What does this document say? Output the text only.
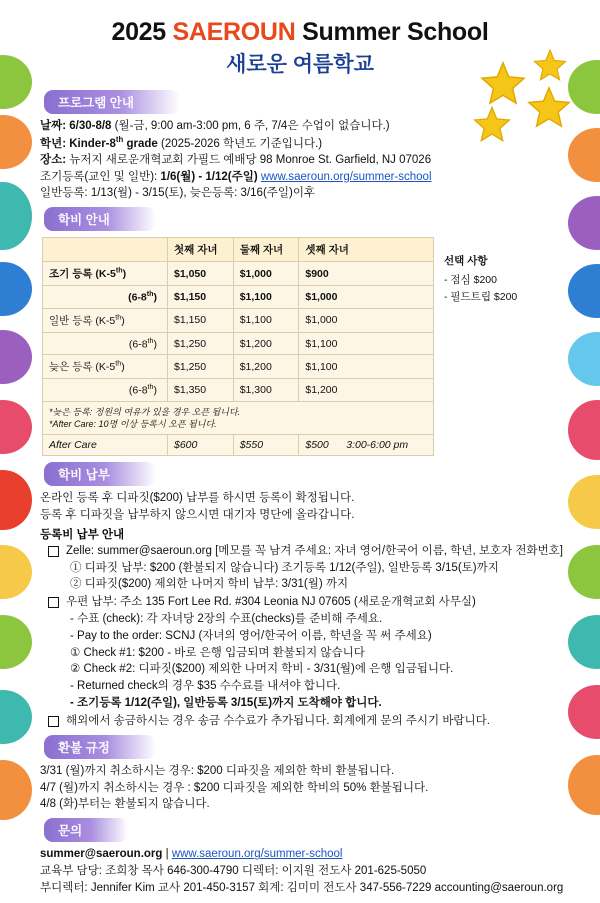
2025 SAEROUN Summer School
새로운 여름학교
프로그램 안내
날짜: 6/30-8/8 (월-금, 9:00 am-3:00 pm, 6 주, 7/4은 수업이 없습니다.)
학년: Kinder-8th grade (2025-2026 학년도 기준입니다.)
장소: 뉴저지 새로운개혁교회 가필드 예배당 98 Monroe St. Garfield, NJ 07026
조기등록(교인 및 일반): 1/6(월) - 1/12(주일) www.saeroun.org/summer-school
일반등록: 1/13(월) - 3/15(토), 늦은등록: 3/16(주일)이후
학비 안내
	첫째 자녀	둘째 자녀	셋째 자녀
조기 등록 (K-5th)	$1,050	$1,000	$900
(6-8th)	$1,150	$1,100	$1,000
일반 등록 (K-5th)	$1,150	$1,100	$1,000
(6-8th)	$1,250	$1,200	$1,100
늦은 등록 (K-5th)	$1,250	$1,200	$1,100
(6-8th)	$1,350	$1,300	$1,200

*늦은 등록: 정원의 여유가 있을 경우 오픈 됩니다.
*After Care: 10명 이상 등록시 오픈 됩니다.			

After Care	$600	$550	$500 3:00-6:00 pm
선택 사항
- 점심 $200
- 필드트립 $200
학비 납부
온라인 등록 후 디파짓($200) 납부를 하시면 등록이 확정됩니다.
등록 후 디파짓을 납부하지 않으시면 대기자 명단에 올라갑니다.
등록비 납부 안내
Zelle: summer@saeroun.org [메모를 꼭 남겨 주세요: 자녀 영어/한국어 이름, 학년, 보호자 전화번호]
① 디파짓 납부: $200 (환불되지 않습니다) 조기등록 1/12(주일), 일반등록 3/15(토)까지
② 디파짓($200) 제외한 나머지 학비 납부: 3/31(월) 까지
우편 납부: 주소 135 Fort Lee Rd. #304 Leonia NJ 07605 (새로운개혁교회 사무실)
- 수표 (check): 각 자녀당 2장의 수표(checks)를 준비해 주세요.
- Pay to the order: SCNJ (자녀의 영어/한국어 이름, 학년을 꼭 써 주세요)
① Check #1: $200 - 바로 은행 입금되며 환불되지 않습니다
② Check #2: 디파짓($200) 제외한 나머지 학비 - 3/31(월)에 은행 입금됩니다.
- Returned check의 경우 $35 수수료를 내셔야 합니다.
- 조기등록 1/12(주일), 일반등록 3/15(토)까지 도착해야 합니다.
해외에서 송금하시는 경우 송금 수수료가 추가됩니다. 회계에게 문의 주시기 바랍니다.
환불 규정
3/31 (월)까지 취소하시는 경우: $200 디파짓을 제외한 학비 환불됩니다.
4/7 (월)까지 취소하시는 경우 : $200 디파짓을 제외한 학비의 50% 환불됩니다.
4/8 (화)부터는 환불되지 않습니다.
문의
summer@saeroun.org | www.saeroun.org/summer-school
교육부 담당: 조희창 목사 646-300-4790 디렉터: 이지원 전도사 201-625-5050
부디렉터: Jennifer Kim 교사 201-450-3157 회계: 김미미 전도사 347-556-7229 accounting@saeroun.org
